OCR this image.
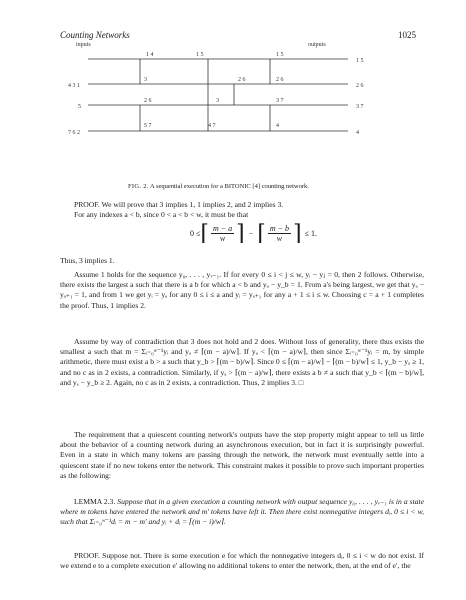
Counting Networks	1025
inputs	outputs
4 3 1
5
7 6 2
1 4	1 5	1 5
3	2 6	2 6
2 6	3	3 7
5 7	4 7	4
1 5
2 6
3 7
4
FIG. 2. A sequential execution for a BITONIC [4] counting network.

PROOF. We will prove that 3 implies 1, 1 implies 2, and 2 implies 3.

For any indexes a < b, since 0 < a < b < w, it must be that

0 ≤ ⌈ $\frac{m - a}{w}$ ⌉ − ⌈ $\frac{m - b}{w}$ ⌉ ≤ 1.

Thus, 3 implies 1.

Assume 1 holds for the sequence y₀, . . . , yᵥ₋₁. If for every 0 ≤ i < j ≤ w, yᵢ − yⱼ = 0, then 2 follows. Otherwise, there exists the largest a such that there is a b for which a < b and yₐ − y_b = 1. From a's being largest, we get that yₐ − yₐ₊₁ = 1, and from 1 we get yᵢ = yₐ for any 0 ≤ i ≤ a and yᵢ = yₐ₊₁ for any a + 1 ≤ i ≤ w. Choosing c = a + 1 completes the proof. Thus, 1 implies 2.

Assume by way of contradiction that 3 does not hold and 2 does. Without loss of generality, there thus exists the smallest a such that m = Σᵢ₌₀ʷ⁻¹yᵢ and yₐ ≠ ⌈(m − a)/w⌉. If yₐ < ⌈(m − a)/w⌉, then since Σᵢ₌₀ʷ⁻¹yᵢ = m, by simple arithmetic, there must exist a b > a such that y_b > ⌈(m − b)/w⌉. Since 0 ≤ ⌈(m − a)/w⌉ − ⌈(m − b)/w⌉ ≤ 1, y_b − yₐ ≥ 1, and no c as in 2 exists, a contradiction. Similarly, if yₐ > ⌈(m − a)/w⌉, there exists a b ≠ a such that y_b < ⌈(m − b)/w⌉, and yₐ − y_b ≥ 2. Again, no c as in 2 exists, a contradiction. Thus, 2 implies 3. □

The requirement that a quiescent counting network's outputs have the step property might appear to tell us little about the behavior of a counting network during an asynchronous execution, but in fact it is surprisingly powerful. Even in a state in which many tokens are passing through the network, the network must eventually settle into a quiescent state if no new tokens enter the network. This constraint makes it possible to prove such important properties as the following:

LEMMA 2.3. Suppose that in a given execution a counting network with output sequence y₀, . . . , yᵥ₋₁ is in a state where m tokens have entered the network and m′ tokens have left it. Then there exist nonnegative integers dᵢ, 0 ≤ i < w, such that Σᵢ₌₀ʷ⁻¹dᵢ = m − m′ and yᵢ + dᵢ = ⌈(m − i)/w⌉.

PROOF. Suppose not. There is some execution e for which the nonnegative integers dᵢ, 0 ≤ i < w do not exist. If we extend e to a complete execution e′ allowing no additional tokens to enter the network, then, at the end of e′, the
